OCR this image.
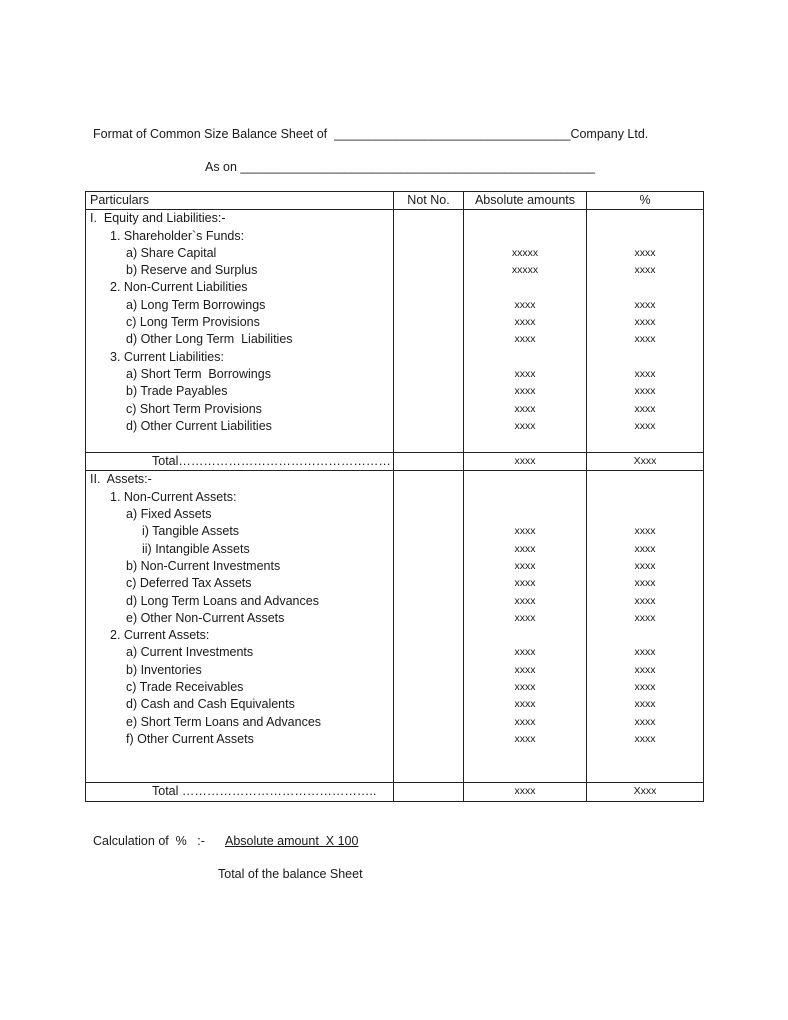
Format of Common Size Balance Sheet of  __________________________________Company Ltd.
As on ___________________________________________________
Particulars	Not No.	Absolute amounts	%
I.  Equity and Liabilities:-			
1. Shareholder`s Funds:			
a) Share Capital		xxxxx	xxxx
b) Reserve and Surplus		xxxxx	xxxx
2. Non-Current Liabilities			
a) Long Term Borrowings		xxxx	xxxx
c) Long Term Provisions		xxxx	xxxx
d) Other Long Term  Liabilities		xxxx	xxxx
3. Current Liabilities:			
a) Short Term  Borrowings		xxxx	xxxx
b) Trade Payables		xxxx	xxxx
c) Short Term Provisions		xxxx	xxxx
d) Other Current Liabilities		xxxx	xxxx

Total……………………………………………		xxxx	Xxxx
II.  Assets:-			
1. Non-Current Assets:			
a) Fixed Assets			
i) Tangible Assets		xxxx	xxxx
ii) Intangible Assets		xxxx	xxxx
b) Non-Current Investments		xxxx	xxxx
c) Deferred Tax Assets		xxxx	xxxx
d) Long Term Loans and Advances		xxxx	xxxx
e) Other Non-Current Assets		xxxx	xxxx
2. Current Assets:			
a) Current Investments		xxxx	xxxx
b) Inventories		xxxx	xxxx
c) Trade Receivables		xxxx	xxxx
d) Cash and Cash Equivalents		xxxx	xxxx
e) Short Term Loans and Advances		xxxx	xxxx
f) Other Current Assets		xxxx	xxxx

Total ………………………………………..		xxxx	Xxxx
Calculation of  %   :- Absolute amount  X 100
Total of the balance Sheet
